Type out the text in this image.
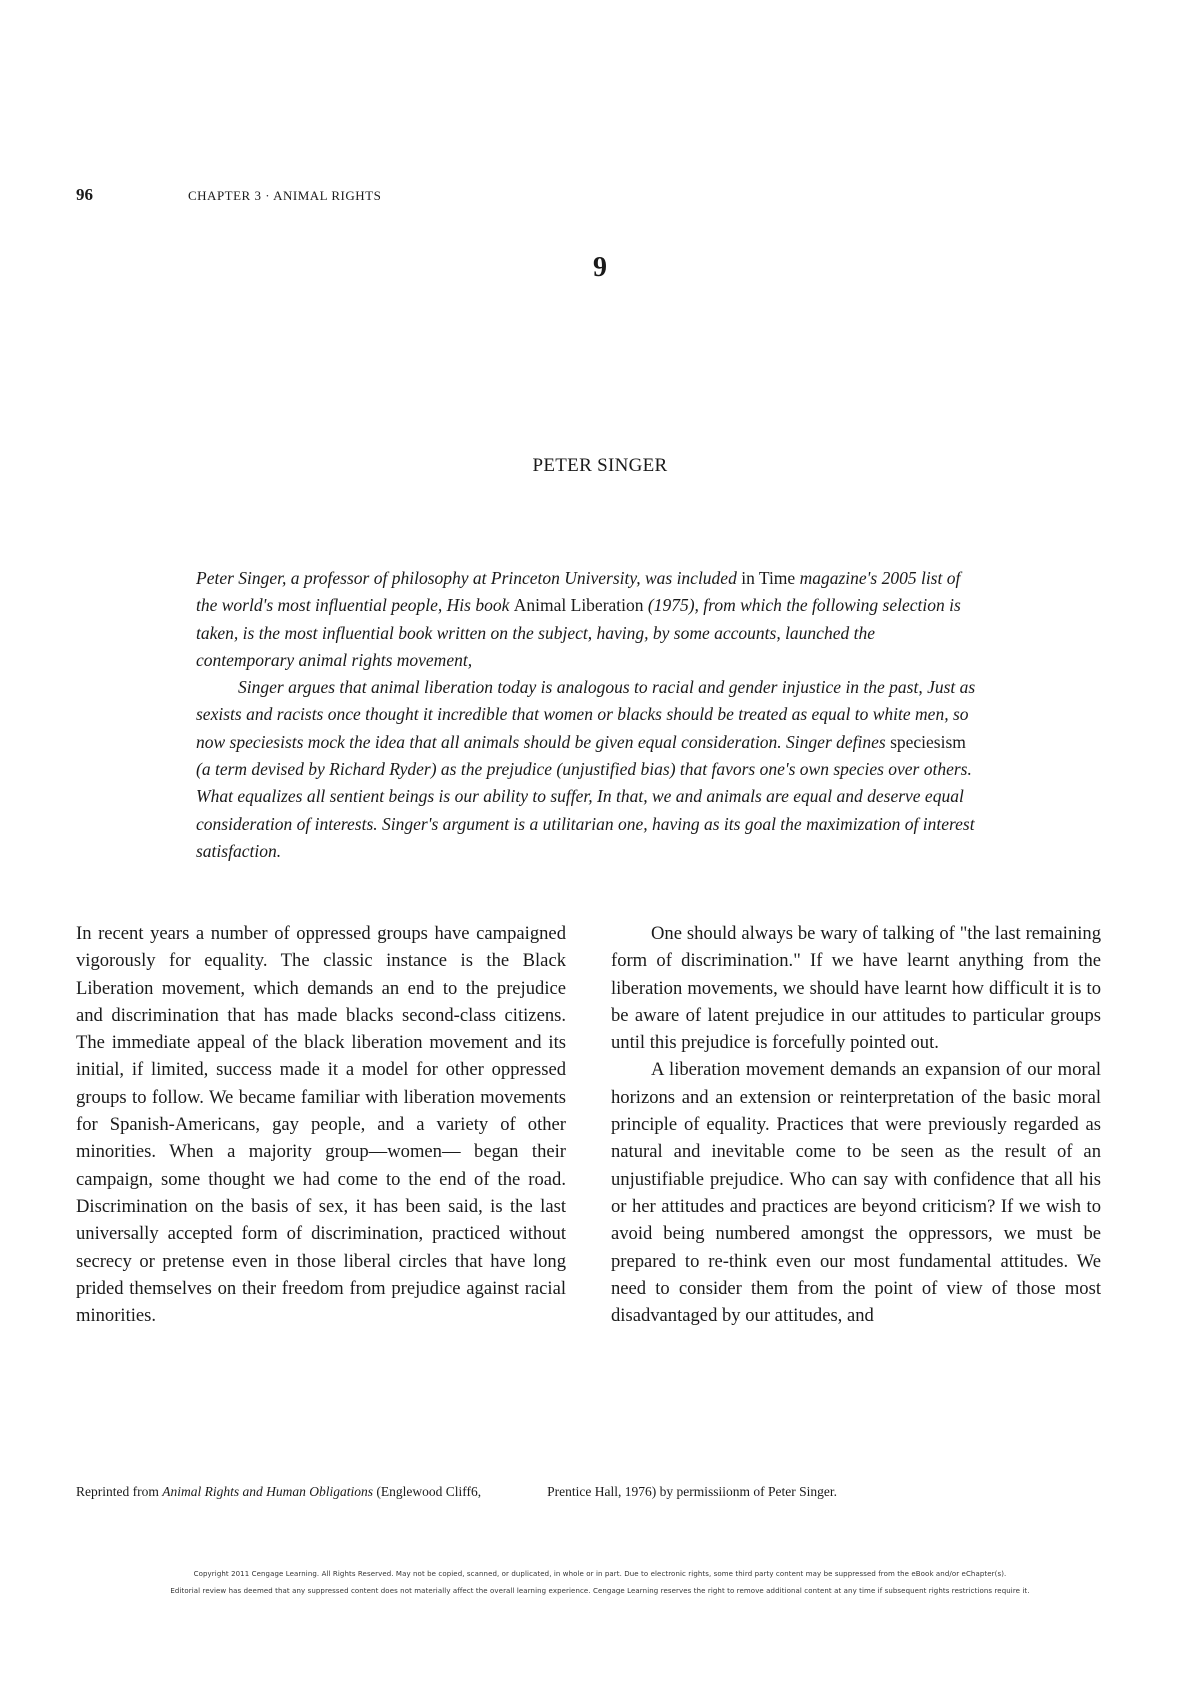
96	CHAPTER 3 · ANIMAL RIGHTS
9
PETER SINGER

Peter Singer, a professor of philosophy at Princeton University, was included in Time magazine's 2005 list of the world's most influential people, His book Animal Liberation (1975), from which the following selection is taken, is the most influential book written on the subject, having, by some accounts, launched the contemporary animal rights movement,

Singer argues that animal liberation today is analogous to racial and gender injustice in the past, Just as sexists and racists once thought it incredible that women or blacks should be treated as equal to white men, so now speciesists mock the idea that all animals should be given equal consideration. Singer defines speciesism (a term devised by Richard Ryder) as the prejudice (unjustified bias) that favors one's own species over others. What equalizes all sentient beings is our ability to suffer, In that, we and animals are equal and deserve equal consideration of interests. Singer's argument is a utilitarian one, having as its goal the maximization of interest satisfaction.

In recent years a number of oppressed groups have campaigned vigorously for equality. The classic instance is the Black Liberation movement, which demands an end to the prejudice and discrimination that has made blacks second-class citizens. The immediate appeal of the black liberation movement and its initial, if limited, success made it a model for other oppressed groups to follow. We became familiar with liberation movements for Spanish-Americans, gay people, and a variety of other minorities. When a majority group—women— began their campaign, some thought we had come to the end of the road. Discrimination on the basis of sex, it has been said, is the last universally accepted form of discrimination, practiced without secrecy or pretense even in those liberal circles that have long prided themselves on their freedom from prejudice against racial minorities.

One should always be wary of talking of "the last remaining form of discrimination." If we have learnt anything from the liberation movements, we should have learnt how difficult it is to be aware of latent prejudice in our attitudes to particular groups until this prejudice is forcefully pointed out.

A liberation movement demands an expansion of our moral horizons and an extension or reinterpretation of the basic moral principle of equality. Practices that were previously regarded as natural and inevitable come to be seen as the result of an unjustifiable prejudice. Who can say with confidence that all his or her attitudes and practices are beyond criticism? If we wish to avoid being numbered amongst the oppressors, we must be prepared to re-think even our most fundamental attitudes. We need to consider them from the point of view of those most disadvantaged by our attitudes, and

Reprinted from Animal Rights and Human Obligations (Englewood Cliff6,	Prentice Hall, 1976) by permissiionm of Peter Singer.
Copyright 2011 Cengage Learning. All Rights Reserved. May not be copied, scanned, or duplicated, in whole or in part. Due to electronic rights, some third party content may be suppressed from the eBook and/or eChapter(s).
Editorial review has deemed that any suppressed content does not materially affect the overall learning experience. Cengage Learning reserves the right to remove additional content at any time if subsequent rights restrictions require it.
